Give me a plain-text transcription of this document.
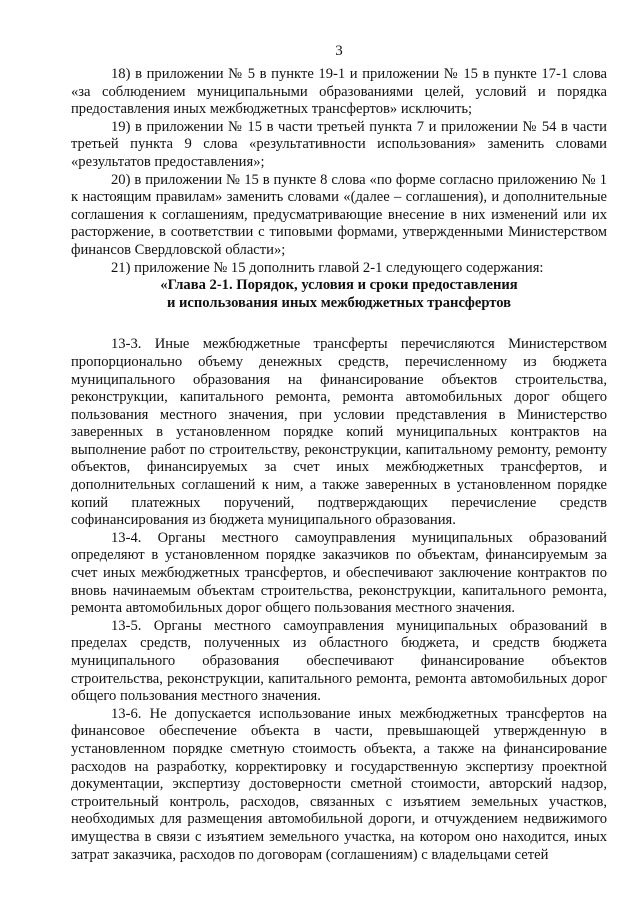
3

18) в приложении № 5 в пункте 19-1 и приложении № 15 в пункте 17-1 слова «за соблюдением муниципальными образованиями целей, условий и порядка предоставления иных межбюджетных трансфертов» исключить;

19) в приложении № 15 в части третьей пункта 7 и приложении № 54 в части третьей пункта 9 слова «результативности использования» заменить словами «результатов предоставления»;

20) в приложении № 15 в пункте 8 слова «по форме согласно приложению № 1 к настоящим правилам» заменить словами «(далее – соглашения), и дополнительные соглашения к соглашениям, предусматривающие внесение в них изменений или их расторжение, в соответствии с типовыми формами, утвержденными Министерством финансов Свердловской области»;

21) приложение № 15 дополнить главой 2-1 следующего содержания:

«Глава 2-1. Порядок, условия и сроки предоставления

и использования иных межбюджетных трансфертов

13-3. Иные межбюджетные трансферты перечисляются Министерством пропорционально объему денежных средств, перечисленному из бюджета муниципального образования на финансирование объектов строительства, реконструкции, капитального ремонта, ремонта автомобильных дорог общего пользования местного значения, при условии представления в Министерство заверенных в установленном порядке копий муниципальных контрактов на выполнение работ по строительству, реконструкции, капитальному ремонту, ремонту объектов, финансируемых за счет иных межбюджетных трансфертов, и дополнительных соглашений к ним, а также заверенных в установленном порядке копий платежных поручений, подтверждающих перечисление средств софинансирования из бюджета муниципального образования.

13-4. Органы местного самоуправления муниципальных образований определяют в установленном порядке заказчиков по объектам, финансируемым за счет иных межбюджетных трансфертов, и обеспечивают заключение контрактов по вновь начинаемым объектам строительства, реконструкции, капитального ремонта, ремонта автомобильных дорог общего пользования местного значения.

13-5. Органы местного самоуправления муниципальных образований в пределах средств, полученных из областного бюджета, и средств бюджета муниципального образования обеспечивают финансирование объектов строительства, реконструкции, капитального ремонта, ремонта автомобильных дорог общего пользования местного значения.

13-6. Не допускается использование иных межбюджетных трансфертов на финансовое обеспечение объекта в части, превышающей утвержденную в установленном порядке сметную стоимость объекта, а также на финансирование расходов на разработку, корректировку и государственную экспертизу проектной документации, экспертизу достоверности сметной стоимости, авторский надзор, строительный контроль, расходов, связанных с изъятием земельных участков, необходимых для размещения автомобильной дороги, и отчуждением недвижимого имущества в связи с изъятием земельного участка, на котором оно находится, иных затрат заказчика, расходов по договорам (соглашениям) с владельцами сетей
